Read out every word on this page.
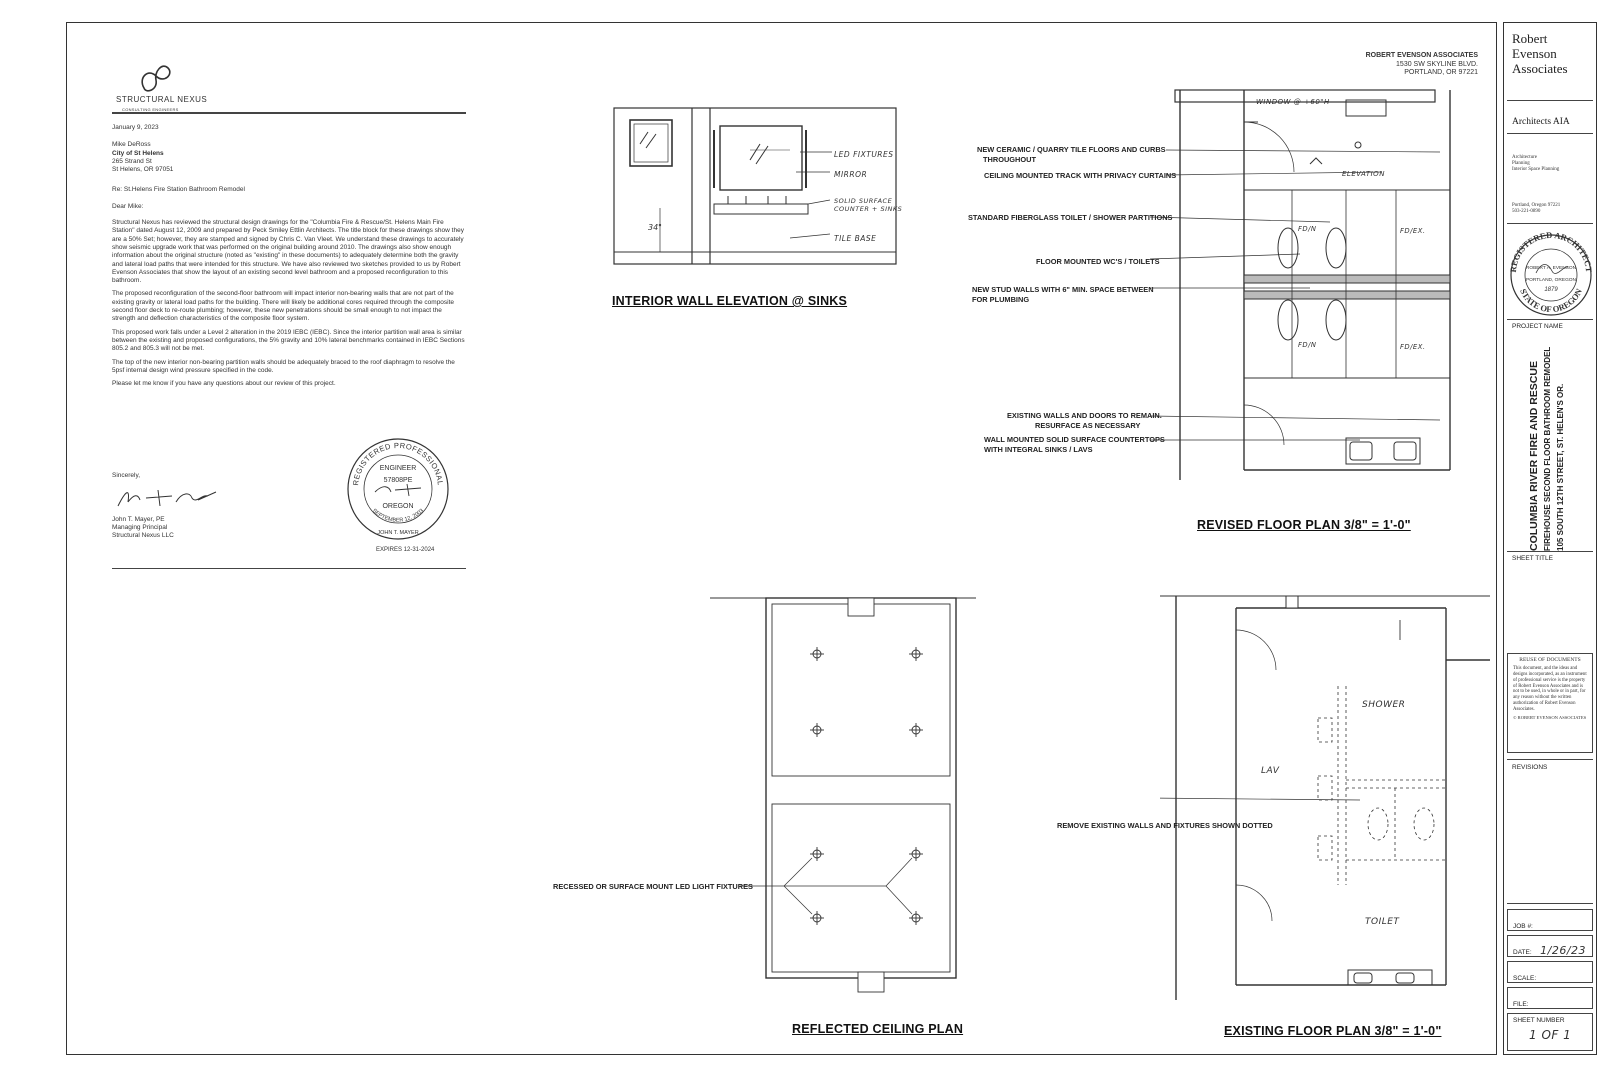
STRUCTURAL NEXUS
CONSULTING ENGINEERS

January 9, 2023

Mike DeRoss
City of St Helens
265 Strand St
St Helens, OR 97051

Re: St.Helens Fire Station Bathroom Remodel

Dear Mike:

Structural Nexus has reviewed the structural design drawings for the "Columbia Fire & Rescue/St. Helens Main Fire Station" dated August 12, 2009 and prepared by Peck Smiley Ettlin Architects. The title block for these drawings show they are a 50% Set; however, they are stamped and signed by Chris C. Van Vleet. We understand these drawings to accurately show seismic upgrade work that was performed on the original building around 2010. The drawings also show enough information about the original structure (noted as "existing" in these documents) to adequately determine both the gravity and lateral load paths that were intended for this structure. We have also reviewed two sketches provided to us by Robert Evenson Associates that show the layout of an existing second level bathroom and a proposed reconfiguration to this bathroom.

The proposed reconfiguration of the second-floor bathroom will impact interior non-bearing walls that are not part of the existing gravity or lateral load paths for the building. There will likely be additional cores required through the composite second floor deck to re-route plumbing; however, these new penetrations should be small enough to not impact the strength and deflection characteristics of the composite floor system.

This proposed work falls under a Level 2 alteration in the 2019 IEBC (IEBC). Since the interior partition wall area is similar between the existing and proposed configurations, the 5% gravity and 10% lateral benchmarks contained in IEBC Sections 805.2 and 805.3 will not be met.

The top of the new interior non-bearing partition walls should be adequately braced to the roof diaphragm to resolve the 5psf internal design wind pressure specified in the code.

Please let me know if you have any questions about our review of this project.

Sincerely,
John T. Mayer, PE
Managing Principal
Structural Nexus LLC
REGISTERED PROFESSIONAL
ENGINEER
57808PE
OREGON
SEPTEMBER 12, 2003
JOHN T. MAYER
EXPIRES 12-31-2024
ROBERT EVENSON ASSOCIATES
1530 SW SKYLINE BLVD.
PORTLAND, OR 97221
34"
LED FIXTURES
MIRROR
SOLID SURFACE
COUNTER + SINKS
TILE BASE
INTERIOR WALL ELEVATION @ SINKS
WINDOW @ +60"H
ELEVATION
FD/N	FD/EX.
FD/N	FD/EX.
NEW CERAMIC / QUARRY TILE FLOORS AND CURBS
THROUGHOUT
CEILING MOUNTED TRACK WITH PRIVACY CURTAINS
STANDARD FIBERGLASS TOILET / SHOWER PARTITIONS
FLOOR MOUNTED WC'S / TOILETS
NEW STUD WALLS WITH 6" MIN. SPACE BETWEEN
FOR PLUMBING
EXISTING WALLS AND DOORS TO REMAIN.
RESURFACE AS NECESSARY
WALL MOUNTED SOLID SURFACE COUNTERTOPS
WITH INTEGRAL SINKS / LAVS
REVISED FLOOR PLAN 3/8" = 1'-0"
RECESSED OR SURFACE MOUNT LED LIGHT FIXTURES
REFLECTED CEILING PLAN
SHOWER
LAV
TOILET
REMOVE EXISTING WALLS AND FIXTURES SHOWN DOTTED
EXISTING FLOOR PLAN 3/8" = 1'-0"
Robert
Evenson
Associates
Architects AIA
Architecture
Planning
Interior Space Planning
Portland, Oregon 97221
503-221-0890
REGISTERED ARCHITECT
STATE OF OREGON
ROBERT A. EVENSON
PORTLAND, OREGON
1879
PROJECT NAME
COLUMBIA RIVER FIRE AND RESCUE FIREHOUSE SECOND FLOOR BATHROOM REMODEL 105 SOUTH 12TH STREET, ST. HELEN'S OR.
SHEET TITLE
REUSE OF DOCUMENTS
This document, and the ideas and designs incorporated, as an instrument of professional service is the property of Robert Evenson Associates and is not to be used, in whole or in part, for any reason without the written authorization of Robert Evenson Associates.
© ROBERT EVENSON ASSOCIATES
REVISIONS
JOB #:
DATE: 1/26/23
SCALE:
FILE:
SHEET NUMBER
1 OF 1
